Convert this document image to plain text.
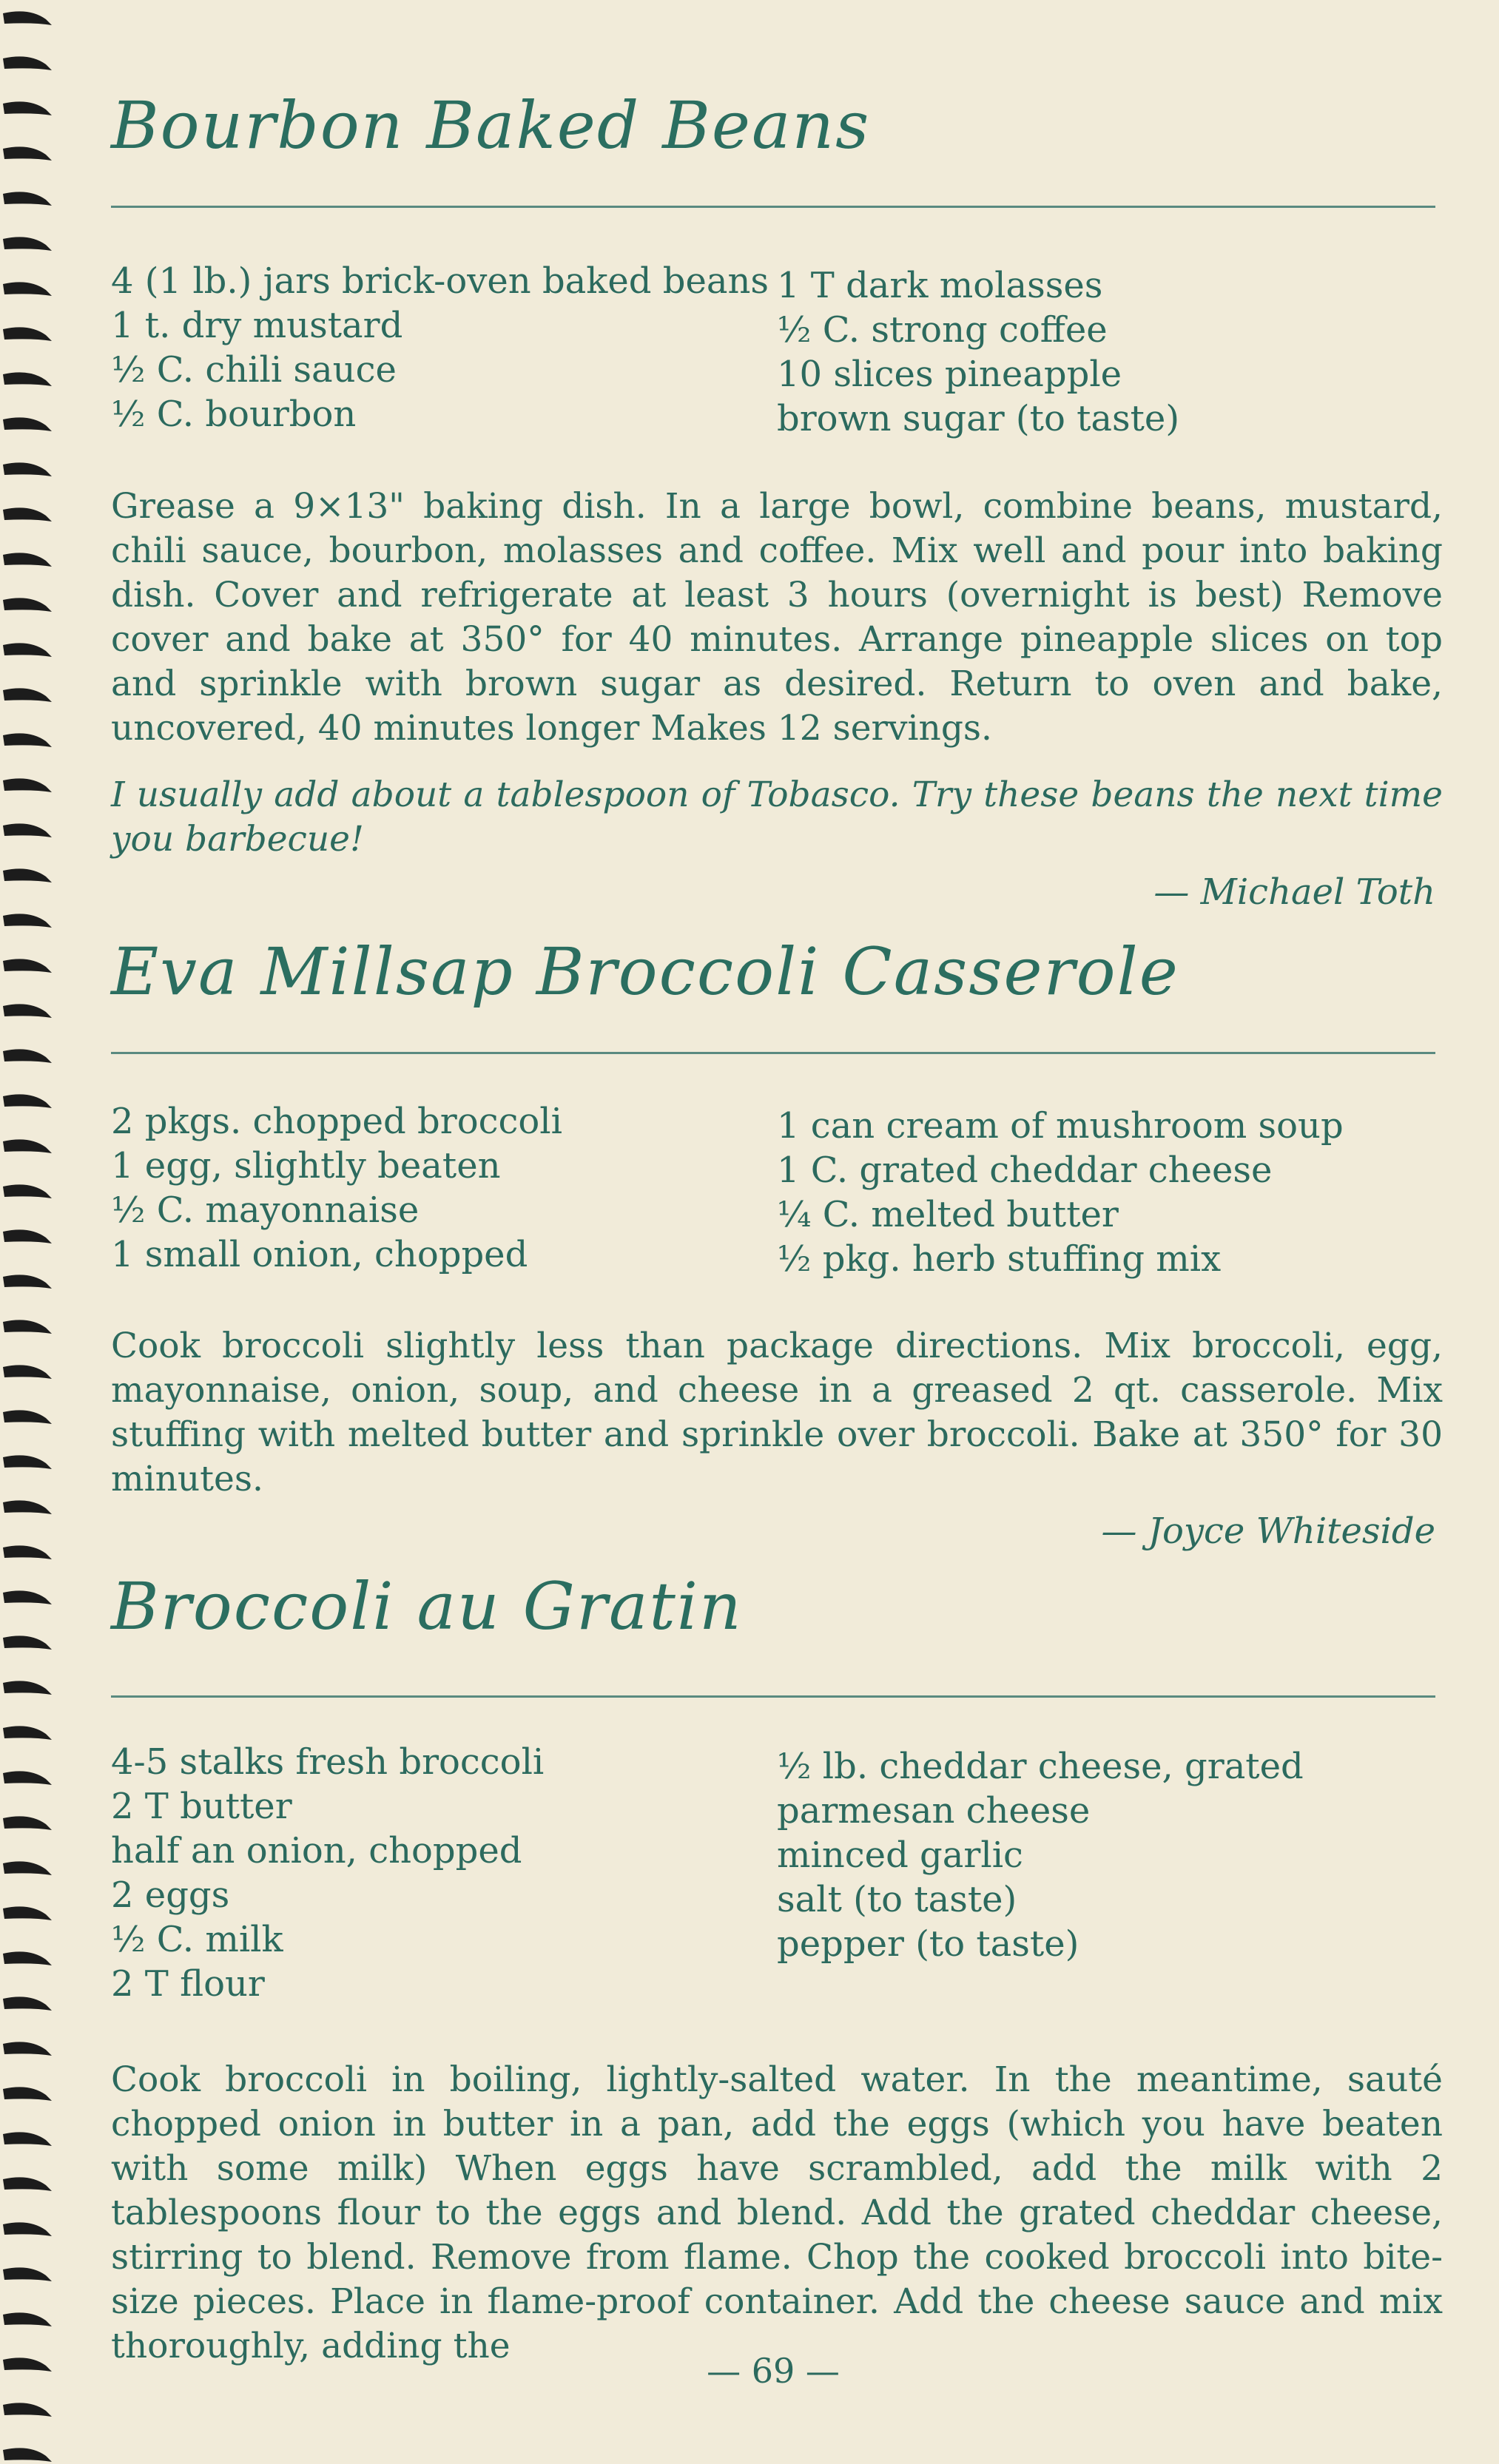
Bourbon Baked Beans
4 (1 lb.) jars brick-oven baked beans
1 t. dry mustard
½ C. chili sauce
½ C. bourbon
1 T dark molasses
½ C. strong coffee
10 slices pineapple
brown sugar (to taste)
Grease a 9×13" baking dish. In a large bowl, combine beans, mustard, chili sauce, bourbon, molasses and coffee. Mix well and pour into baking dish. Cover and refrigerate at least 3 hours (overnight is best) Remove cover and bake at 350° for 40 minutes. Arrange pineapple slices on top and sprinkle with brown sugar as desired. Return to oven and bake, uncovered, 40 minutes longer Makes 12 servings.
I usually add about a tablespoon of Tobasco. Try these beans the next time you barbecue!
— Michael Toth
Eva Millsap Broccoli Casserole
2 pkgs. chopped broccoli
1 egg, slightly beaten
½ C. mayonnaise
1 small onion, chopped
1 can cream of mushroom soup
1 C. grated cheddar cheese
¼ C. melted butter
½ pkg. herb stuffing mix
Cook broccoli slightly less than package directions. Mix broccoli, egg, mayonnaise, onion, soup, and cheese in a greased 2 qt. casserole. Mix stuffing with melted butter and sprinkle over broccoli. Bake at 350° for 30 minutes.
— Joyce Whiteside
Broccoli au Gratin
4-5 stalks fresh broccoli
2 T butter
half an onion, chopped
2 eggs
½ C. milk
2 T flour
½ lb. cheddar cheese, grated
parmesan cheese
minced garlic
salt (to taste)
pepper (to taste)
Cook broccoli in boiling, lightly-salted water. In the meantime, sauté chopped onion in butter in a pan, add the eggs (which you have beaten with some milk) When eggs have scrambled, add the milk with 2 tablespoons flour to the eggs and blend. Add the grated cheddar cheese, stirring to blend. Remove from flame. Chop the cooked broccoli into bite-size pieces. Place in flame-proof container. Add the cheese sauce and mix thoroughly, adding the
— 69 —
